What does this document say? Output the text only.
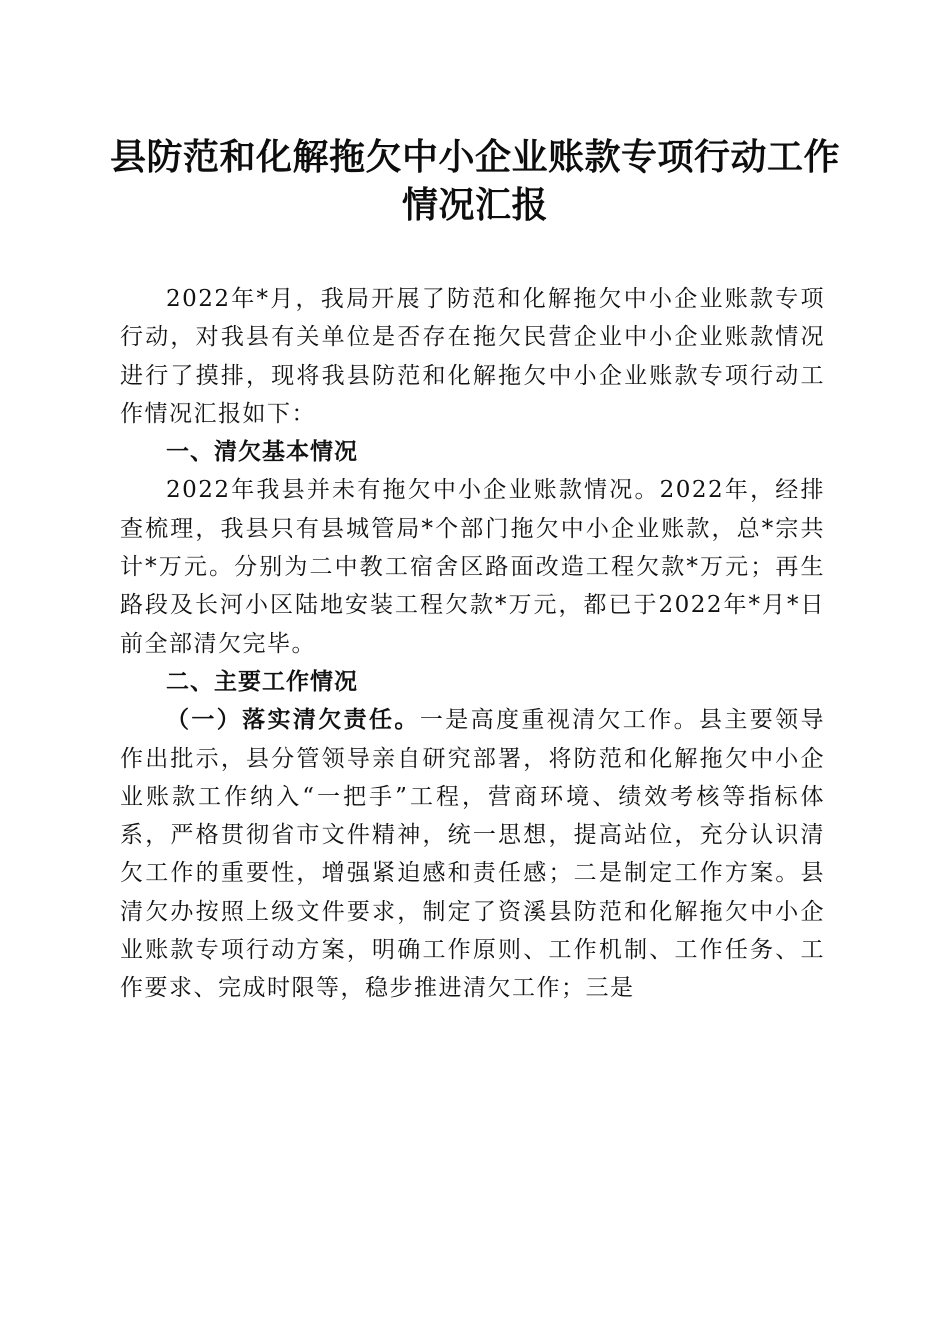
县防范和化解拖欠中小企业账款专项行动工作情况汇报

2022年*月，我局开展了防范和化解拖欠中小企业账款专项行动，对我县有关单位是否存在拖欠民营企业中小企业账款情况进行了摸排，现将我县防范和化解拖欠中小企业账款专项行动工作情况汇报如下：

一、清欠基本情况

2022年我县并未有拖欠中小企业账款情况。2022年，经排查梳理，我县只有县城管局*个部门拖欠中小企业账款，总*宗共计*万元。分别为二中教工宿舍区路面改造工程欠款*万元；再生路段及长河小区陆地安装工程欠款*万元，都已于2022年*月*日前全部清欠完毕。

二、主要工作情况

（一）落实清欠责任。一是高度重视清欠工作。县主要领导作出批示，县分管领导亲自研究部署，将防范和化解拖欠中小企业账款工作纳入“一把手”工程，营商环境、绩效考核等指标体系，严格贯彻省市文件精神，统一思想，提高站位，充分认识清欠工作的重要性，增强紧迫感和责任感；二是制定工作方案。县清欠办按照上级文件要求，制定了资溪县防范和化解拖欠中小企业账款专项行动方案，明确工作原则、工作机制、工作任务、工作要求、完成时限等，稳步推进清欠工作；三是
